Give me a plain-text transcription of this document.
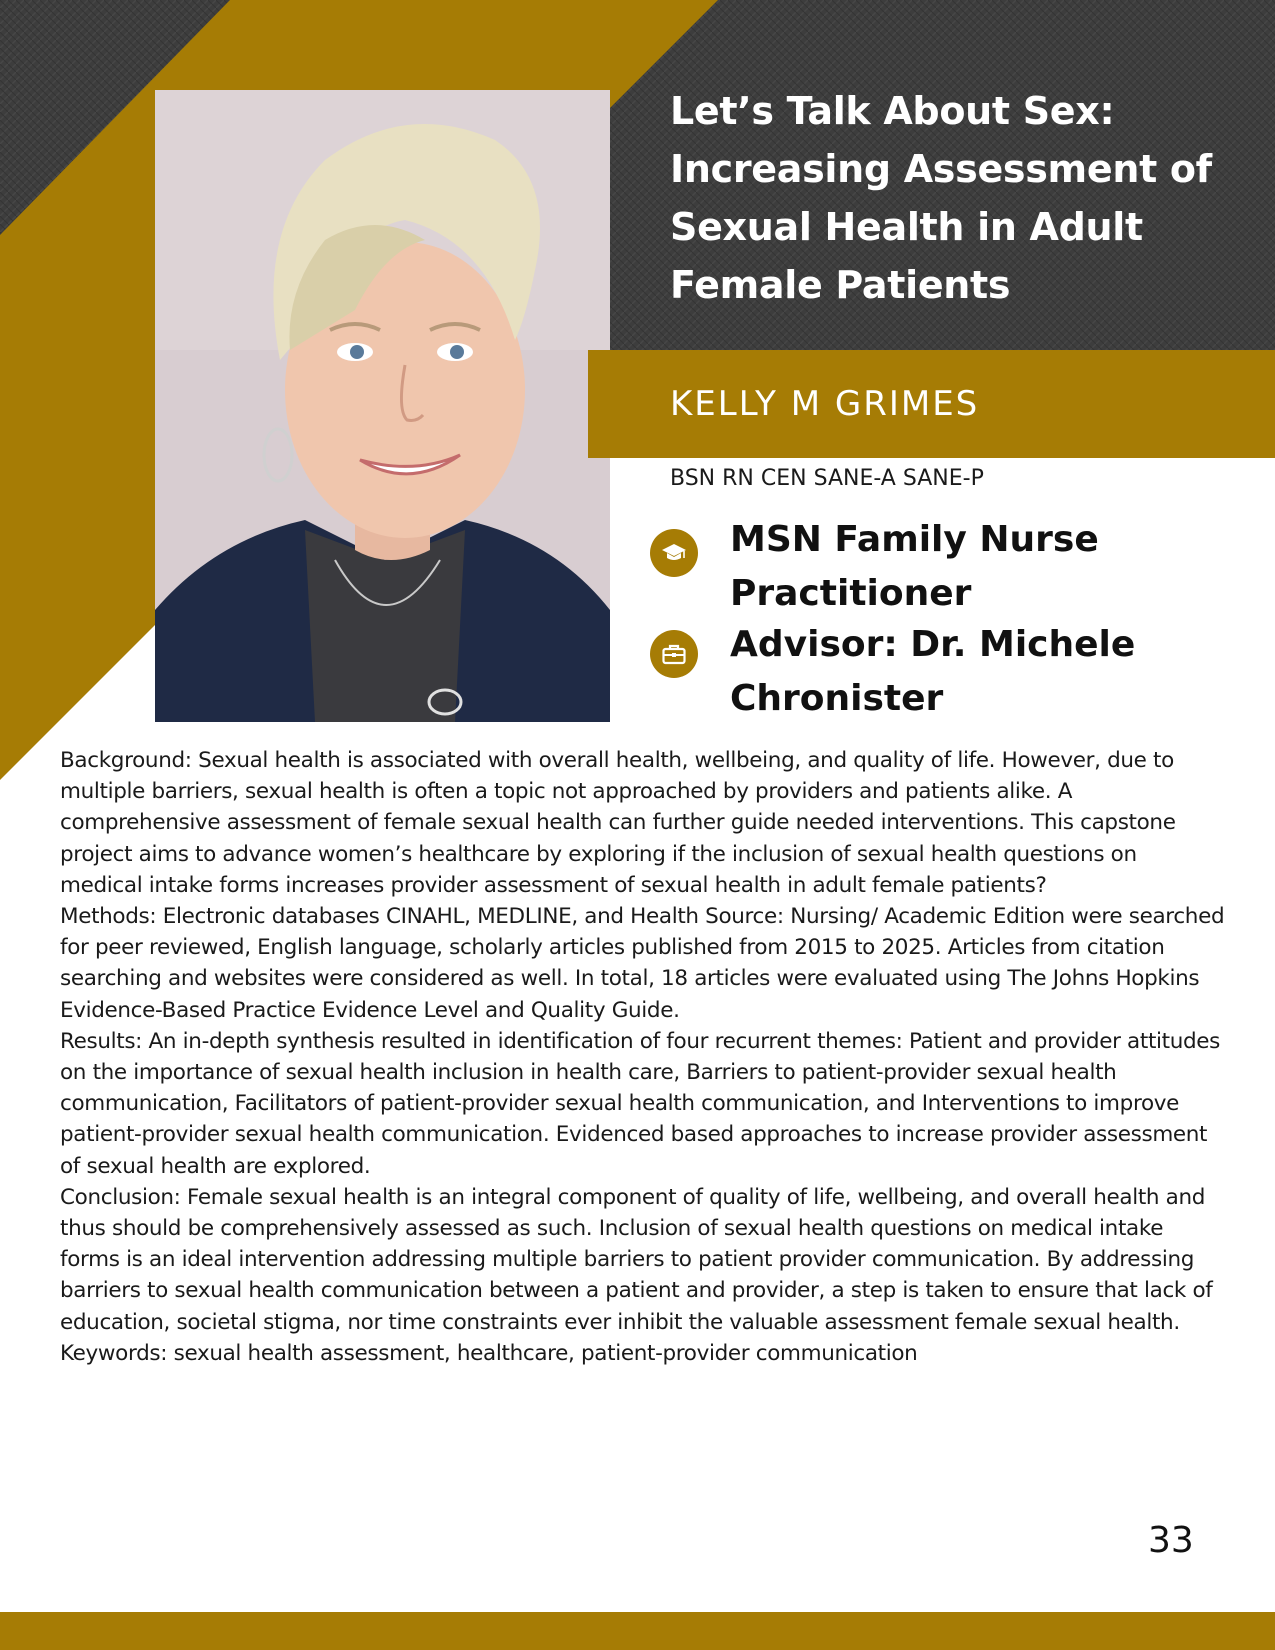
Let’s Talk About Sex: Increasing Assessment of Sexual Health in Adult Female Patients
KELLY M GRIMES
BSN RN CEN SANE-A SANE-P
MSN Family Nurse Practitioner
Advisor: Dr. Michele Chronister

Background: Sexual health is associated with overall health, wellbeing, and quality of life. However, due to multiple barriers, sexual health is often a topic not approached by providers and patients alike. A comprehensive assessment of female sexual health can further guide needed interventions. This capstone project aims to advance women’s healthcare by exploring if the inclusion of sexual health questions on medical intake forms increases provider assessment of sexual health in adult female patients?

Methods: Electronic databases CINAHL, MEDLINE, and Health Source: Nursing/ Academic Edition were searched for peer reviewed, English language, scholarly articles published from 2015 to 2025. Articles from citation searching and websites were considered as well. In total, 18 articles were evaluated using The Johns Hopkins Evidence-Based Practice Evidence Level and Quality Guide.

Results: An in-depth synthesis resulted in identification of four recurrent themes: Patient and provider attitudes on the importance of sexual health inclusion in health care, Barriers to patient-provider sexual health communication, Facilitators of patient-provider sexual health communication, and Interventions to improve patient-provider sexual health communication. Evidenced based approaches to increase provider assessment of sexual health are explored.

Conclusion: Female sexual health is an integral component of quality of life, wellbeing, and overall health and thus should be comprehensively assessed as such. Inclusion of sexual health questions on medical intake forms is an ideal intervention addressing multiple barriers to patient provider communication. By addressing barriers to sexual health communication between a patient and provider, a step is taken to ensure that lack of education, societal stigma, nor time constraints ever inhibit the valuable assessment female sexual health. Keywords: sexual health assessment, healthcare, patient-provider communication

33
